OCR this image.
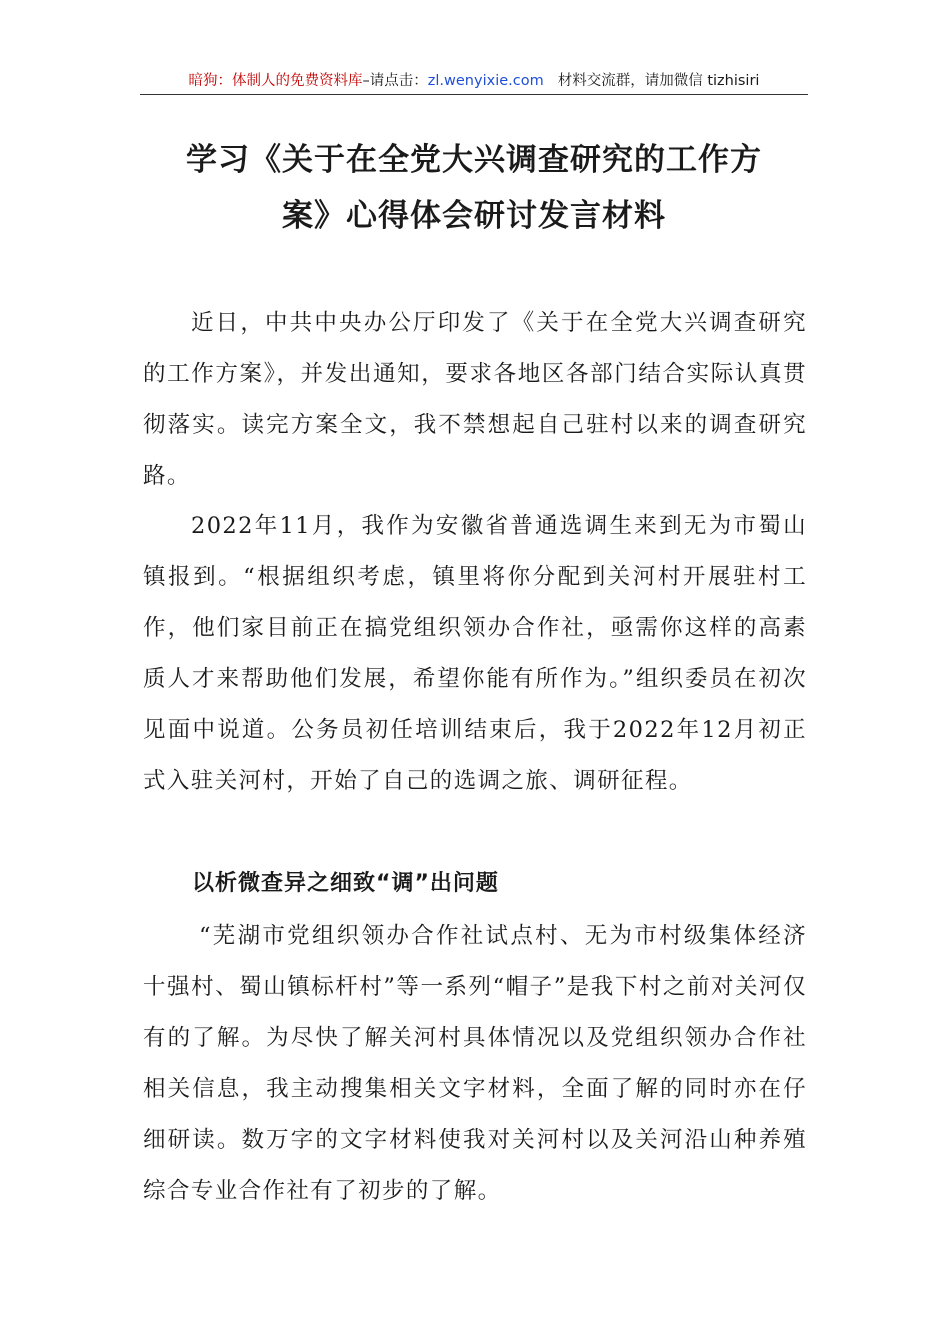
暗狗：体制人的免费资料库–请点击：zl.wenyixie.com 材料交流群，请加微信 tizhisiri
学习《关于在全党大兴调查研究的工作方
案》心得体会研讨发言材料
近日，中共中央办公厅印发了《关于在全党大兴调查研究的工作方案》，并发出通知，要求各地区各部门结合实际认真贯彻落实。读完方案全文，我不禁想起自己驻村以来的调查研究路。
2022年11月，我作为安徽省普通选调生来到无为市蜀山镇报到。“根据组织考虑，镇里将你分配到关河村开展驻村工作，他们家目前正在搞党组织领办合作社，亟需你这样的高素质人才来帮助他们发展，希望你能有所作为。”组织委员在初次见面中说道。公务员初任培训结束后，我于2022年12月初正式入驻关河村，开始了自己的选调之旅、调研征程。
以析微查异之细致“调”出问题
“芜湖市党组织领办合作社试点村、无为市村级集体经济十强村、蜀山镇标杆村”等一系列“帽子”是我下村之前对关河仅有的了解。为尽快了解关河村具体情况以及党组织领办合作社相关信息，我主动搜集相关文字材料，全面了解的同时亦在仔细研读。数万字的文字材料使我对关河村以及关河沿山种养殖综合专业合作社有了初步的了解。
